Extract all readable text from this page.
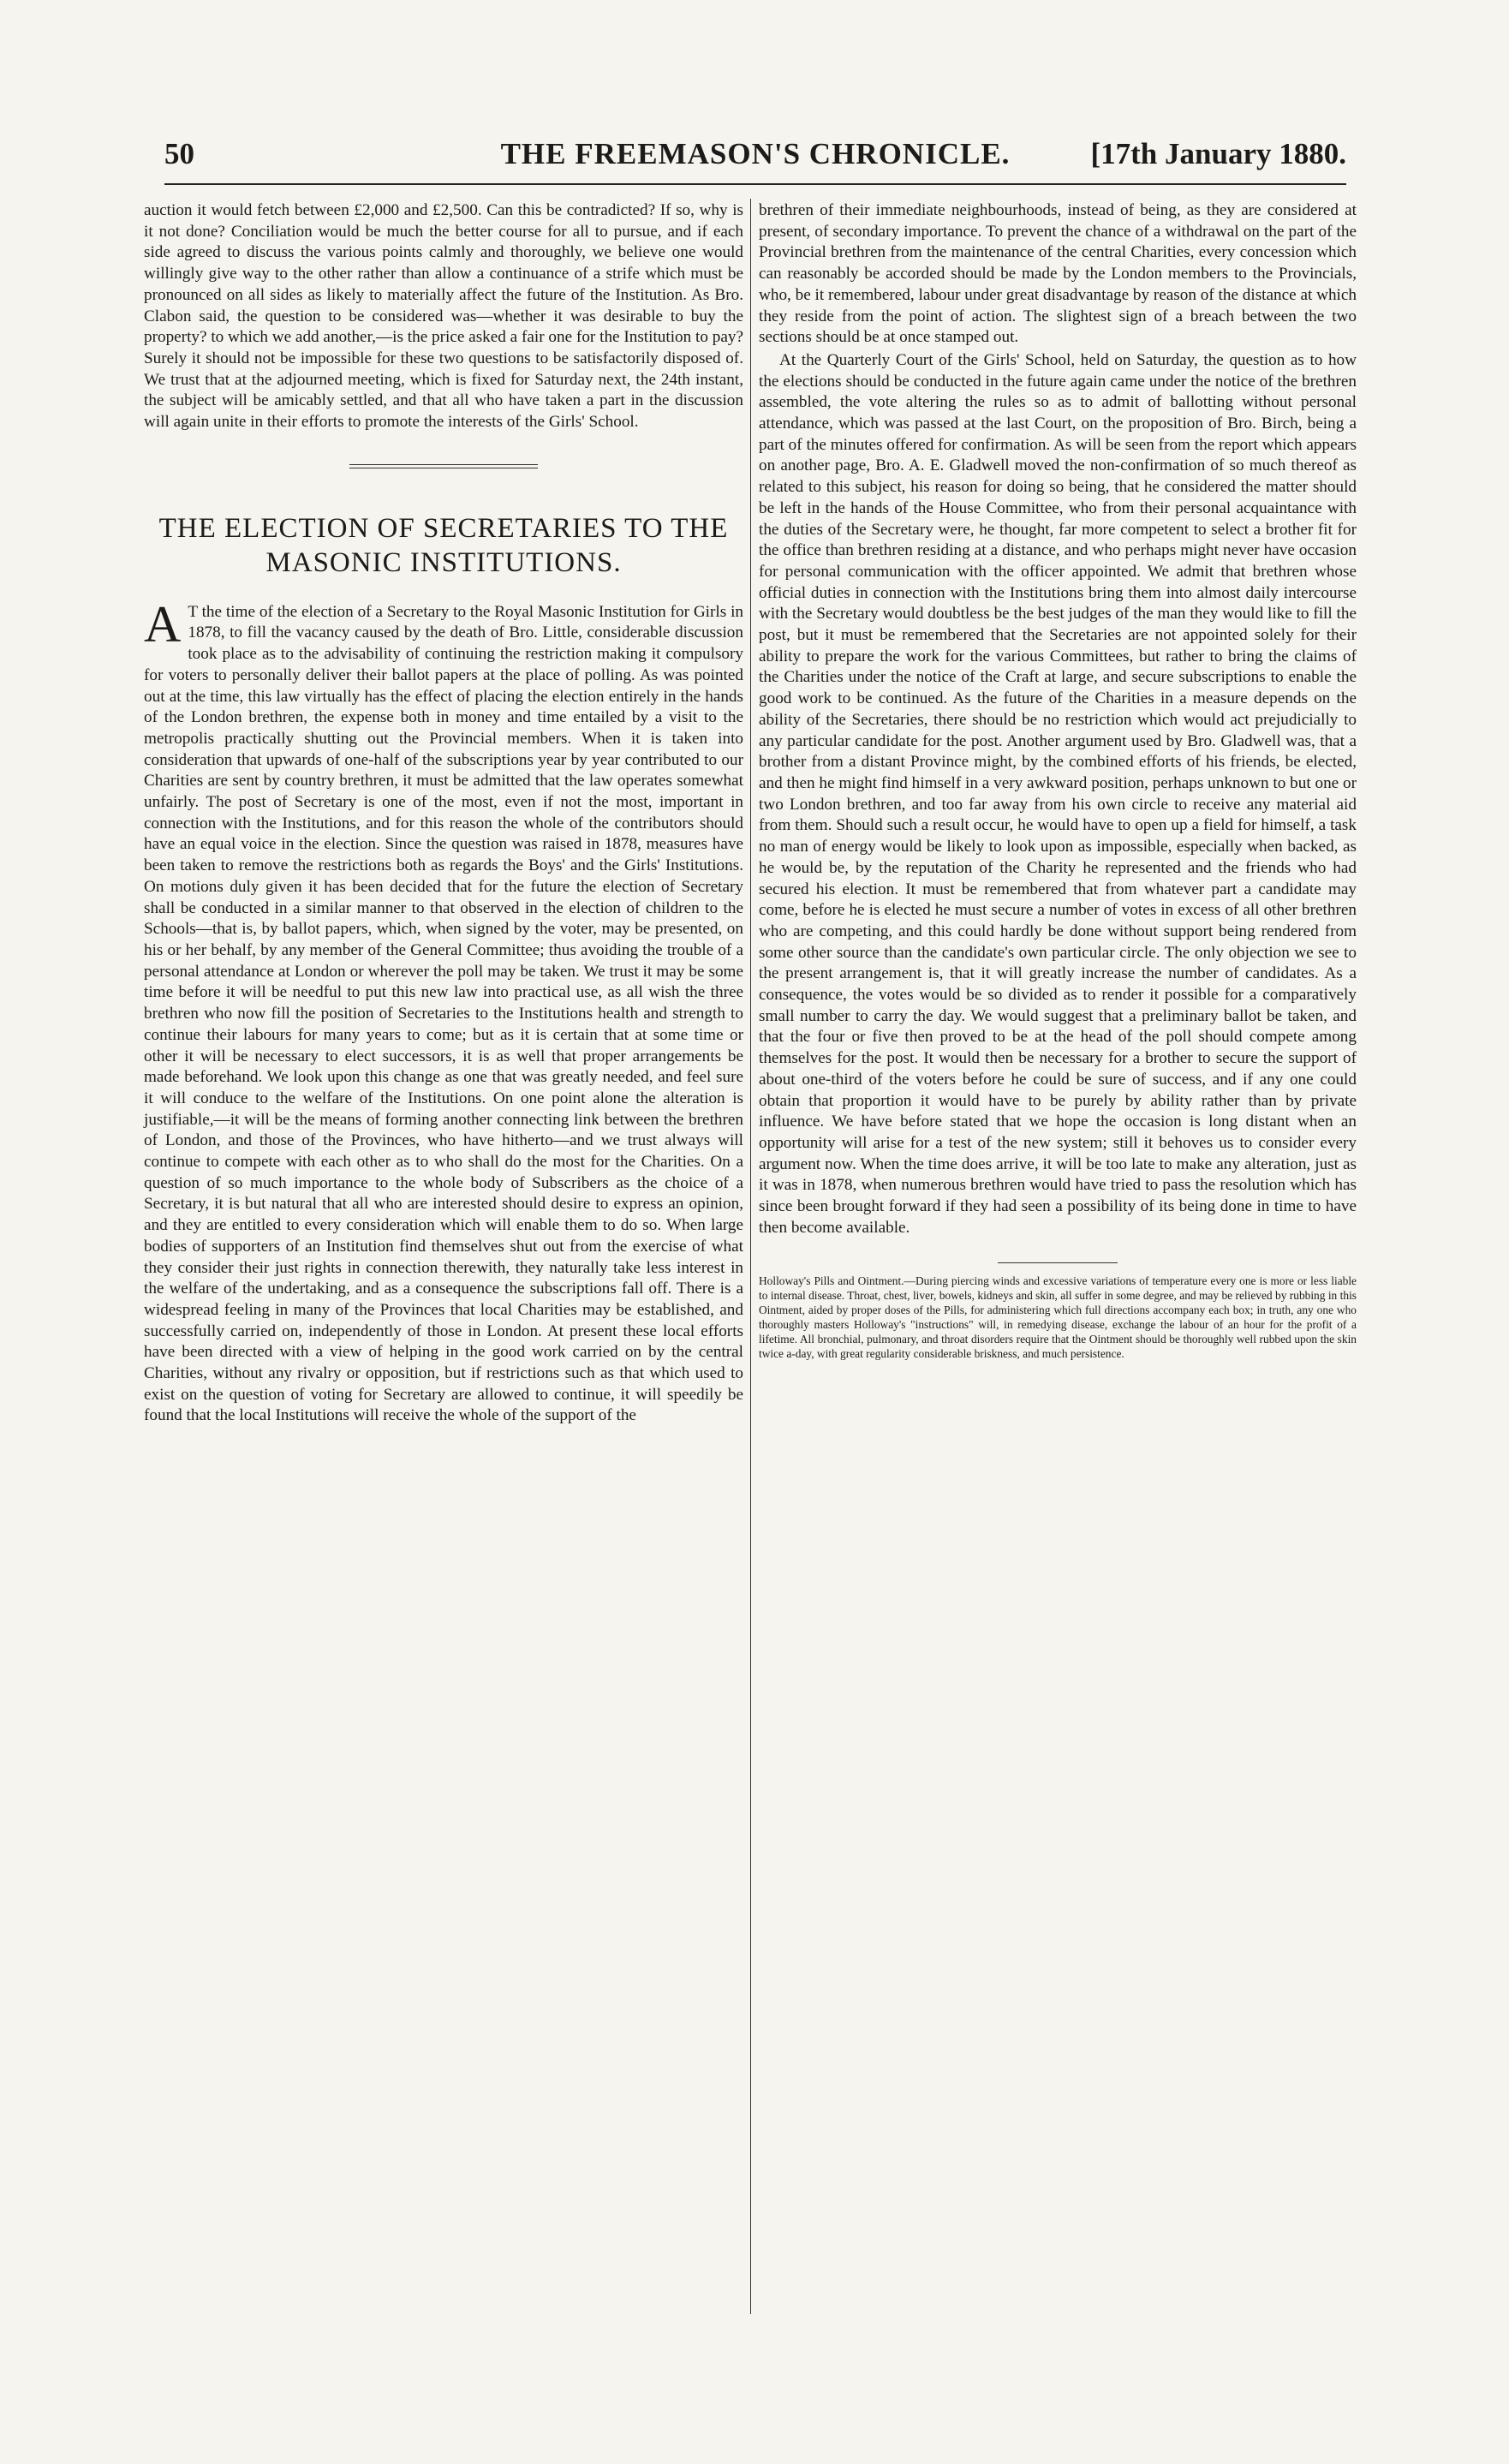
50	THE FREEMASON'S CHRONICLE.	[17th January 1880.

auction it would fetch between £2,000 and £2,500. Can this be contradicted? If so, why is it not done? Conciliation would be much the better course for all to pursue, and if each side agreed to discuss the various points calmly and thoroughly, we believe one would willingly give way to the other rather than allow a continuance of a strife which must be pronounced on all sides as likely to materially affect the future of the Institution. As Bro. Clabon said, the question to be considered was—whether it was desirable to buy the property? to which we add another,—is the price asked a fair one for the Institution to pay? Surely it should not be impossible for these two questions to be satisfactorily disposed of. We trust that at the adjourned meeting, which is fixed for Saturday next, the 24th instant, the subject will be amicably settled, and that all who have taken a part in the discussion will again unite in their efforts to promote the interests of the Girls' School.

THE ELECTION OF SECRETARIES TO THE MASONIC INSTITUTIONS.

A T the time of the election of a Secretary to the Royal Masonic Institution for Girls in 1878, to fill the vacancy caused by the death of Bro. Little, considerable discussion took place as to the advisability of continuing the restriction making it compulsory for voters to personally deliver their ballot papers at the place of polling. As was pointed out at the time, this law virtually has the effect of placing the election entirely in the hands of the London brethren, the expense both in money and time entailed by a visit to the metropolis practically shutting out the Provincial members. When it is taken into consideration that upwards of one-half of the subscriptions year by year contributed to our Charities are sent by country brethren, it must be admitted that the law operates somewhat unfairly. The post of Secretary is one of the most, even if not the most, important in connection with the Institutions, and for this reason the whole of the contributors should have an equal voice in the election. Since the question was raised in 1878, measures have been taken to remove the restrictions both as regards the Boys' and the Girls' Institutions. On motions duly given it has been decided that for the future the election of Secretary shall be conducted in a similar manner to that observed in the election of children to the Schools—that is, by ballot papers, which, when signed by the voter, may be presented, on his or her behalf, by any member of the General Committee; thus avoiding the trouble of a personal attendance at London or wherever the poll may be taken. We trust it may be some time before it will be needful to put this new law into practical use, as all wish the three brethren who now fill the position of Secretaries to the Institutions health and strength to continue their labours for many years to come; but as it is certain that at some time or other it will be necessary to elect successors, it is as well that proper arrangements be made beforehand. We look upon this change as one that was greatly needed, and feel sure it will conduce to the welfare of the Institutions. On one point alone the alteration is justifiable,—it will be the means of forming another connecting link between the brethren of London, and those of the Provinces, who have hitherto—and we trust always will continue to compete with each other as to who shall do the most for the Charities. On a question of so much importance to the whole body of Subscribers as the choice of a Secretary, it is but natural that all who are interested should desire to express an opinion, and they are entitled to every consideration which will enable them to do so. When large bodies of supporters of an Institution find themselves shut out from the exercise of what they consider their just rights in connection therewith, they naturally take less interest in the welfare of the undertaking, and as a consequence the subscriptions fall off. There is a widespread feeling in many of the Provinces that local Charities may be established, and successfully carried on, independently of those in London. At present these local efforts have been directed with a view of helping in the good work carried on by the central Charities, without any rivalry or opposition, but if restrictions such as that which used to exist on the question of voting for Secretary are allowed to continue, it will speedily be found that the local Institutions will receive the whole of the support of the

brethren of their immediate neighbourhoods, instead of being, as they are considered at present, of secondary importance. To prevent the chance of a withdrawal on the part of the Provincial brethren from the maintenance of the central Charities, every concession which can reasonably be accorded should be made by the London members to the Provincials, who, be it remembered, labour under great disadvantage by reason of the distance at which they reside from the point of action. The slightest sign of a breach between the two sections should be at once stamped out.

At the Quarterly Court of the Girls' School, held on Saturday, the question as to how the elections should be conducted in the future again came under the notice of the brethren assembled, the vote altering the rules so as to admit of ballotting without personal attendance, which was passed at the last Court, on the proposition of Bro. Birch, being a part of the minutes offered for confirmation. As will be seen from the report which appears on another page, Bro. A. E. Gladwell moved the non-confirmation of so much thereof as related to this subject, his reason for doing so being, that he considered the matter should be left in the hands of the House Committee, who from their personal acquaintance with the duties of the Secretary were, he thought, far more competent to select a brother fit for the office than brethren residing at a distance, and who perhaps might never have occasion for personal communication with the officer appointed. We admit that brethren whose official duties in connection with the Institutions bring them into almost daily intercourse with the Secretary would doubtless be the best judges of the man they would like to fill the post, but it must be remembered that the Secretaries are not appointed solely for their ability to prepare the work for the various Committees, but rather to bring the claims of the Charities under the notice of the Craft at large, and secure subscriptions to enable the good work to be continued. As the future of the Charities in a measure depends on the ability of the Secretaries, there should be no restriction which would act prejudicially to any particular candidate for the post. Another argument used by Bro. Gladwell was, that a brother from a distant Province might, by the combined efforts of his friends, be elected, and then he might find himself in a very awkward position, perhaps unknown to but one or two London brethren, and too far away from his own circle to receive any material aid from them. Should such a result occur, he would have to open up a field for himself, a task no man of energy would be likely to look upon as impossible, especially when backed, as he would be, by the reputation of the Charity he represented and the friends who had secured his election. It must be remembered that from whatever part a candidate may come, before he is elected he must secure a number of votes in excess of all other brethren who are competing, and this could hardly be done without support being rendered from some other source than the candidate's own particular circle. The only objection we see to the present arrangement is, that it will greatly increase the number of candidates. As a consequence, the votes would be so divided as to render it possible for a comparatively small number to carry the day. We would suggest that a preliminary ballot be taken, and that the four or five then proved to be at the head of the poll should compete among themselves for the post. It would then be necessary for a brother to secure the support of about one-third of the voters before he could be sure of success, and if any one could obtain that proportion it would have to be purely by ability rather than by private influence. We have before stated that we hope the occasion is long distant when an opportunity will arise for a test of the new system; still it behoves us to consider every argument now. When the time does arrive, it will be too late to make any alteration, just as it was in 1878, when numerous brethren would have tried to pass the resolution which has since been brought forward if they had seen a possibility of its being done in time to have then become available.

Holloway's Pills and Ointment.—During piercing winds and excessive variations of temperature every one is more or less liable to internal disease. Throat, chest, liver, bowels, kidneys and skin, all suffer in some degree, and may be relieved by rubbing in this Ointment, aided by proper doses of the Pills, for administering which full directions accompany each box; in truth, any one who thoroughly masters Holloway's "instructions" will, in remedying disease, exchange the labour of an hour for the profit of a lifetime. All bronchial, pulmonary, and throat disorders require that the Ointment should be thoroughly well rubbed upon the skin twice a-day, with great regularity considerable briskness, and much persistence.
